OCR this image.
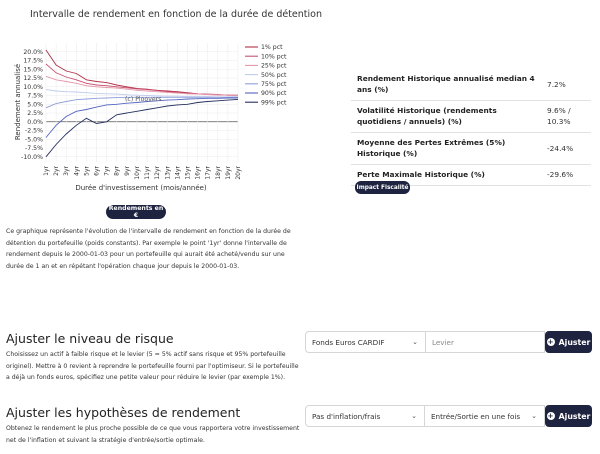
Intervalle de rendement en fonction de la durée de détention
-10.0%
-7.5%
-5.0%
-2.5%
0.0%
2.5%
5.0%
7.5%
10.0%
12.5%
15.0%
17.5%
20.0%
1yr 2yr 3yr 4yr 5yr 6yr 7yr 8yr 9yr 10yr 11yr 12yr 13yr 14yr 15yr 16yr 17yr 18yr 19yr 20yr
1% pct
10% pct
25% pct
50% pct
75% pct
90% pct
99% pct
(c) Ploovers
Rendement annualisé
Durée d'investissement (mois/année)
Rendements en €
Ce graphique représente l'évolution de l'intervalle de rendement en fonction de la durée de détention du portefeuille (poids constants). Par exemple le point '1yr' donne l'intervalle de rendement depuis le 2000-01-03 pour un portefeuille qui aurait été acheté/vendu sur une durée de 1 an et en répétant l'opération chaque jour depuis le 2000-01-03.
Rendement Historique annualisé median 4 ans (%)	7.2%
Volatilité Historique (rendements quotidiens / annuels) (%)	9.6% / 10.3%
Moyenne des Pertes Extrêmes (5%) Historique (%)	-24.4%
Perte Maximale Historique (%)	-29.6%
Impact Fiscalité
Ajuster le niveau de risque
Choisissez un actif à faible risque et le levier (5 = 5% actif sans risque et 95% portefeuille originel). Mettre à 0 revient à reprendre le portefeuille fourni par l'optimiseur. Si le portefeuille a déjà un fonds euros, spécifiez une petite valeur pour réduire le levier (par exemple 1%).
Fonds Euros CARDIF	⌄ Levier	+ Ajuster
Ajuster les hypothèses de rendement
Obtenez le rendement le plus proche possible de ce que vous rapportera votre investissement net de l'inflation et suivant la stratégie d'entrée/sortie optimale.
Pas d'inflation/frais	⌄ Entrée/Sortie en une fois ⌄ + Ajuster
